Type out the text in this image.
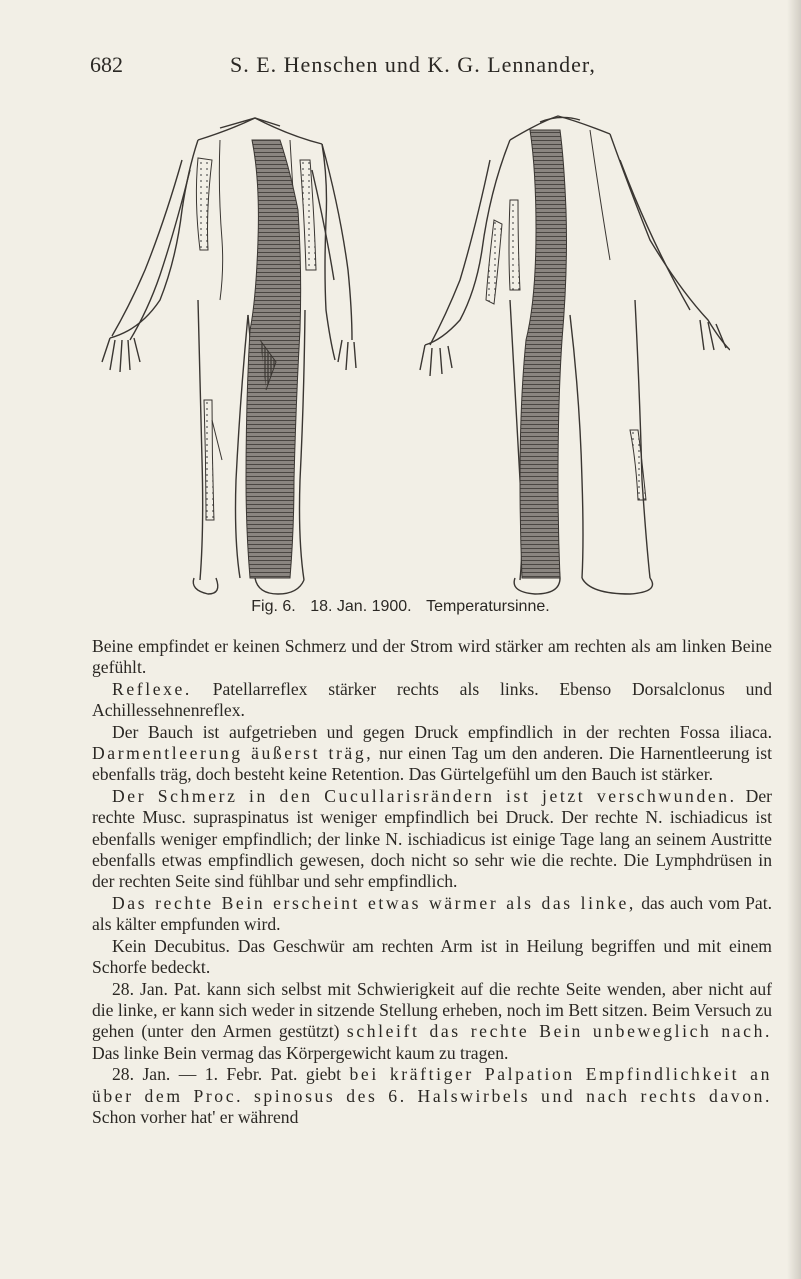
682	S. E. Henschen und K. G. Lennander,
Fig. 6. 18. Jan. 1900. Temperatursinne.

Beine empfindet er keinen Schmerz und der Strom wird stärker am rechten als am linken Beine gefühlt.

Reflexe. Patellarreflex stärker rechts als links. Ebenso Dorsalclonus und Achillessehnenreflex.

Der Bauch ist aufgetrieben und gegen Druck empfindlich in der rechten Fossa iliaca. Darmentleerung äußerst träg, nur einen Tag um den anderen. Die Harnentleerung ist ebenfalls träg, doch besteht keine Retention. Das Gürtelgefühl um den Bauch ist stärker.

Der Schmerz in den Cucullarisrändern ist jetzt verschwunden. Der rechte Musc. supraspinatus ist weniger empfindlich bei Druck. Der rechte N. ischiadicus ist ebenfalls weniger empfindlich; der linke N. ischiadicus ist einige Tage lang an seinem Austritte ebenfalls etwas empfindlich gewesen, doch nicht so sehr wie die rechte. Die Lymphdrüsen in der rechten Seite sind fühlbar und sehr empfindlich.

Das rechte Bein erscheint etwas wärmer als das linke, das auch vom Pat. als kälter empfunden wird.

Kein Decubitus. Das Geschwür am rechten Arm ist in Heilung begriffen und mit einem Schorfe bedeckt.

28. Jan. Pat. kann sich selbst mit Schwierigkeit auf die rechte Seite wenden, aber nicht auf die linke, er kann sich weder in sitzende Stellung erheben, noch im Bett sitzen. Beim Versuch zu gehen (unter den Armen gestützt) schleift das rechte Bein unbeweglich nach. Das linke Bein vermag das Körpergewicht kaum zu tragen.

28. Jan. — 1. Febr. Pat. giebt bei kräftiger Palpation Empfindlichkeit an über dem Proc. spinosus des 6. Halswirbels und nach rechts davon. Schon vorher hat' er während
